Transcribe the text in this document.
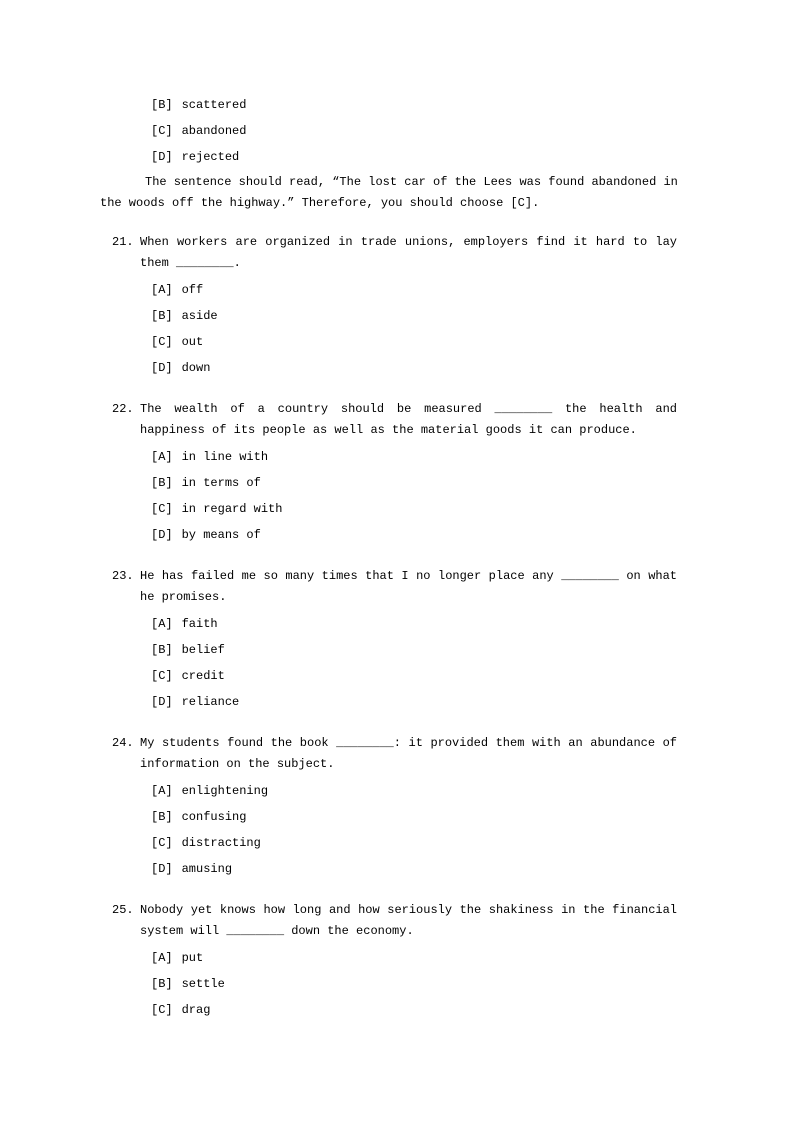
[B] scattered
[C] abandoned
[D] rejected
The sentence should read, “The lost car of the Lees was found abandoned in
the woods off the highway.” Therefore, you should choose [C].
21. When workers are organized in trade unions, employers find it hard to lay
them ________.
[A] off
[B] aside
[C] out
[D] down
22. The wealth of a country should be measured ________ the health and
happiness of its people as well as the material goods it can produce.
[A] in line with
[B] in terms of
[C] in regard with
[D] by means of
23. He has failed me so many times that I no longer place any ________ on what
he promises.
[A] faith
[B] belief
[C] credit
[D] reliance
24. My students found the book ________: it provided them with an abundance of
information on the subject.
[A] enlightening
[B] confusing
[C] distracting
[D] amusing
25. Nobody yet knows how long and how seriously the shakiness in the financial
system will ________ down the economy.
[A] put
[B] settle
[C] drag
